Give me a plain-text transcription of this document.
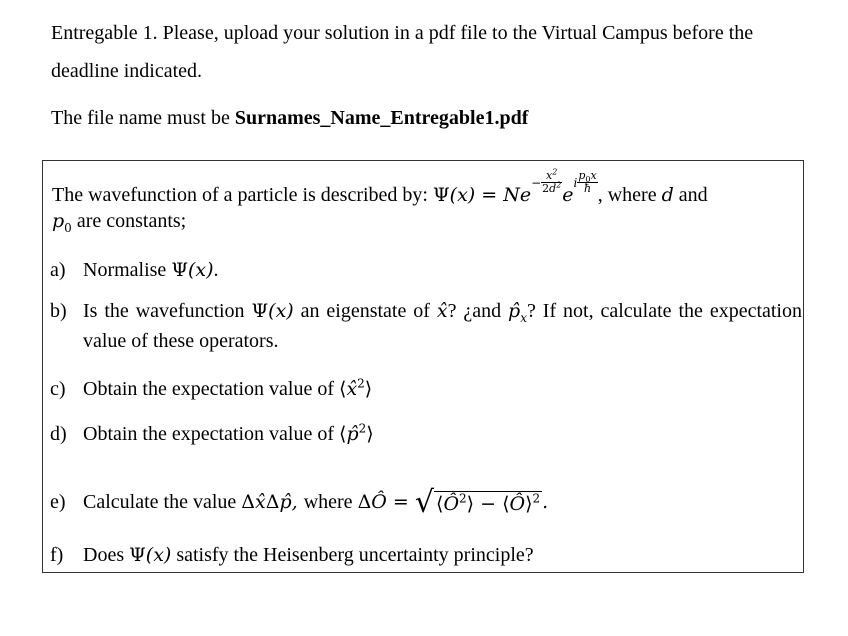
Entregable 1. Please, upload your solution in a pdf file to the Virtual Campus before the
deadline indicated.
The file name must be Surnames_Name_Entregable1.pdf
The wavefunction of a particle is described by: $\Psi(x) = Ne- \frac{x^2}{2d^2}$
ei $\frac{p_0x}{ħ}$
, where d and
$p_0$ are constants;
a) Normalise Ψ(x).
b) Is the wavefunction Ψ(x) an eigenstate of x̂? ¿and $p̂_x$? If not, calculate the expectation value of these operators.
c) Obtain the expectation value of ⟨x̂$^2$⟩
d) Obtain the expectation value of ⟨p̂$^2$⟩
e) Calculate the value Δx̂Δp̂, where ΔÔ = √ $⟨Ô^2⟩$ − ⟨Ô⟩$^2$ .
f) Does Ψ(x) satisfy the Heisenberg uncertainty principle?
